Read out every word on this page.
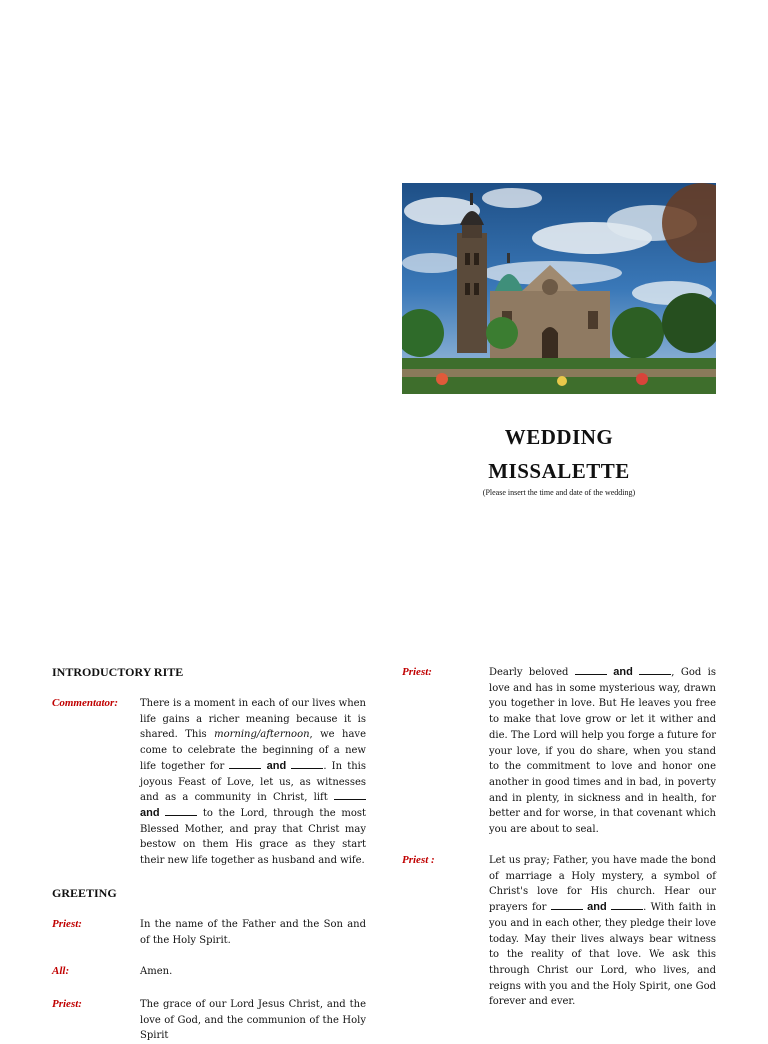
WEDDING
MISSALETTE
(Please insert the time and date of the wedding)
INTRODUCTORY RITE
Commentator: There is a moment in each of our lives when life gains a richer meaning because it is shared. This morning/afternoon, we have come to celebrate the beginning of a new life together for	and	. In this joyous Feast of Love, let us, as witnesses and as a community in Christ, lift  and	to the Lord, through the most Blessed Mother, and pray that Christ may bestow on them His grace as they start their new life together as husband and wife.
GREETING
Priest:	In the name of the Father and the Son and of the Holy Spirit.
All:	Amen.
Priest:	The grace of our Lord Jesus Christ, and the love of God, and the communion of the Holy Spirit
Priest:	Dearly beloved	and	, God is love and has in some mysterious way, drawn you together in love. But He leaves you free to make that love grow or let it wither and die. The Lord will help you forge a future for your love, if you do share, when you stand to the commitment to love and honor one another in good times and in bad, in poverty and in plenty, in sickness and in health, for better and for worse, in that covenant which you are about to seal.
Priest :	Let us pray; Father, you have made the bond of marriage a Holy mystery, a symbol of Christ's love for His church. Hear our prayers for	and	. With faith in you and in each other, they pledge their love today. May their lives always bear witness to the reality of that love. We ask this through Christ our Lord, who lives, and reigns with you and the Holy Spirit, one God forever and ever.
